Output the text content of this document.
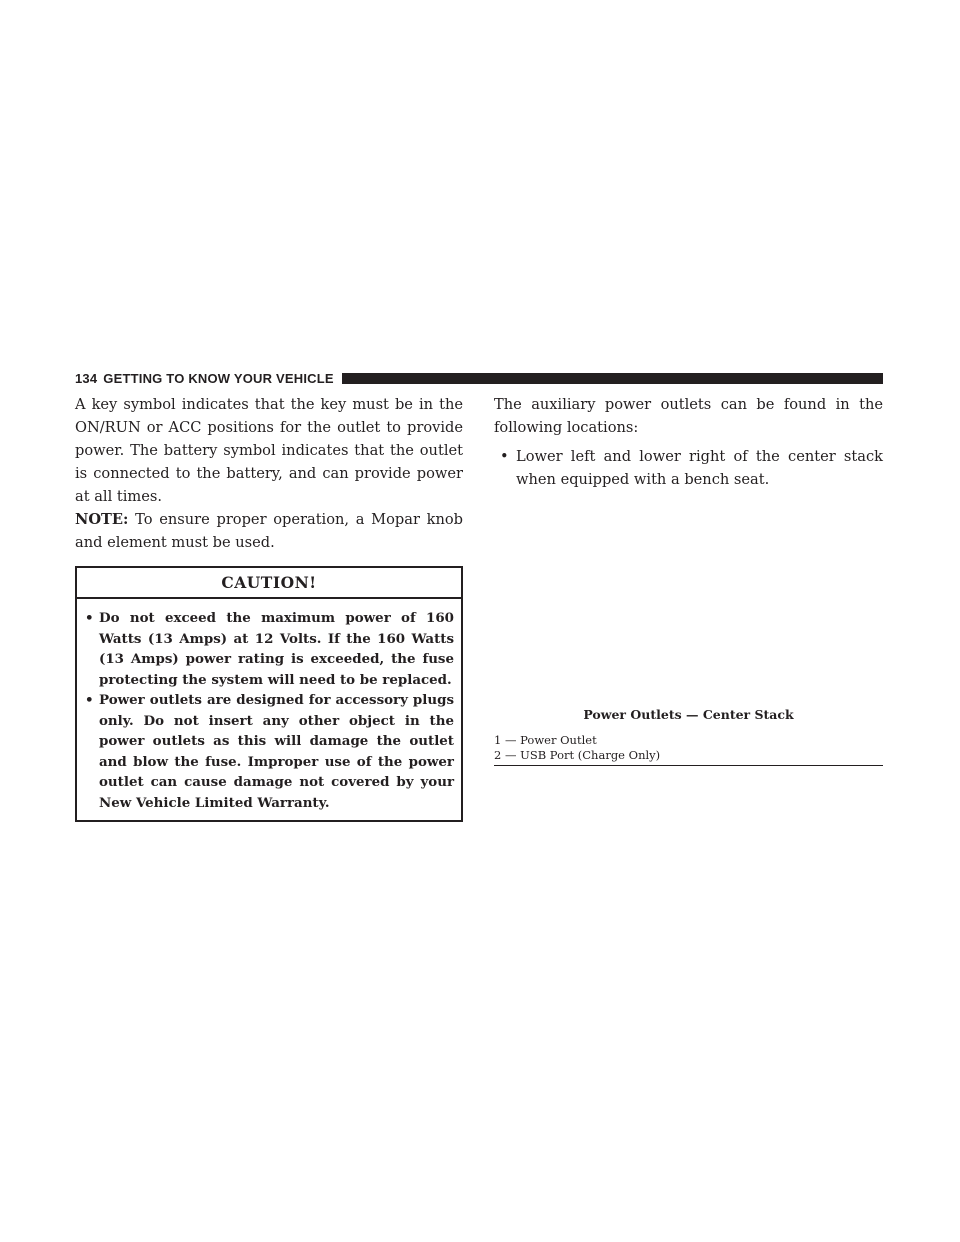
134 GETTING TO KNOW YOUR VEHICLE

A key symbol indicates that the key must be in the ON/RUN or ACC positions for the outlet to provide power. The battery symbol indicates that the outlet is connected to the battery, and can provide power at all times.

NOTE: To ensure proper operation, a Mopar knob and element must be used.

CAUTION!
• Do not exceed the maximum power of 160 Watts (13 Amps) at 12 Volts. If the 160 Watts (13 Amps) power rating is exceeded, the fuse protecting the system will need to be replaced.
• Power outlets are designed for accessory plugs only. Do not insert any other object in the power outlets as this will damage the outlet and blow the fuse. Improper use of the power outlet can cause damage not covered by your New Vehicle Limited Warranty.

The auxiliary power outlets can be found in the following locations:

• Lower left and lower right of the center stack when equipped with a bench seat.
Power Outlets — Center Stack
1 — Power Outlet
2 — USB Port (Charge Only)
